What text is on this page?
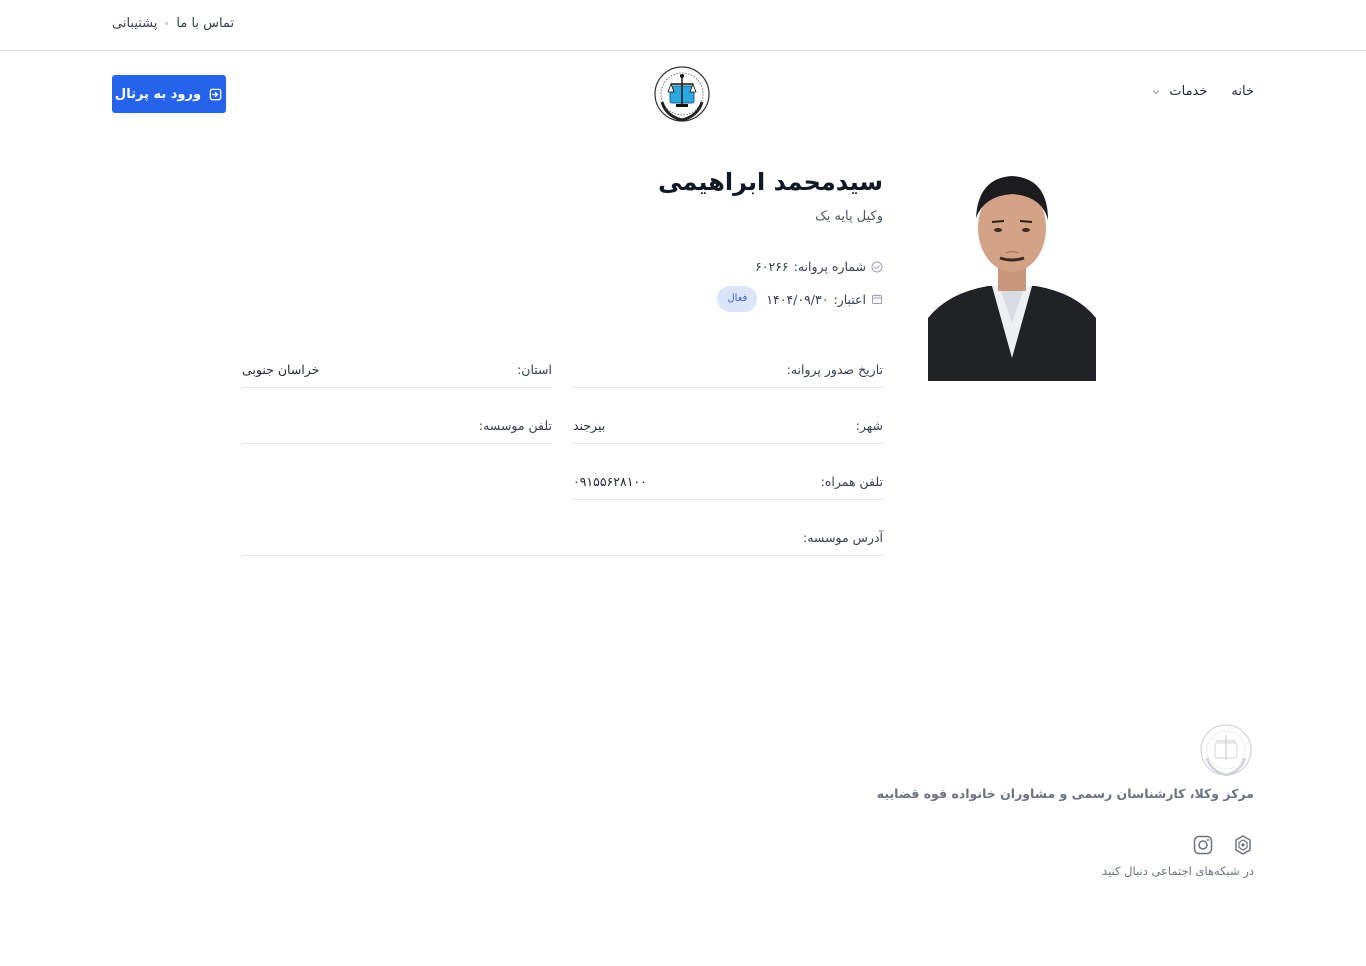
تماس با ما
پشتیبانی
خانه
خدمات
ورود به پرتال
سیدمحمد ابراهیمی
وکیل پایه یک
شماره پروانه:
۶۰۲۶۶
اعتبار:
۱۴۰۴/۰۹/۳۰
فعال
تاریخ صدور پروانه:
استان:
خراسان جنوبی
شهر:
بیرجند
تلفن موسسه:
تلفن همراه:
۰۹۱۵۵۶۲۸۱۰۰
آدرس موسسه:
مرکز وکلا، کارشناسان رسمی و مشاوران خانواده قوه قضاییه
در شبکه‌های اجتماعی دنبال کنید
